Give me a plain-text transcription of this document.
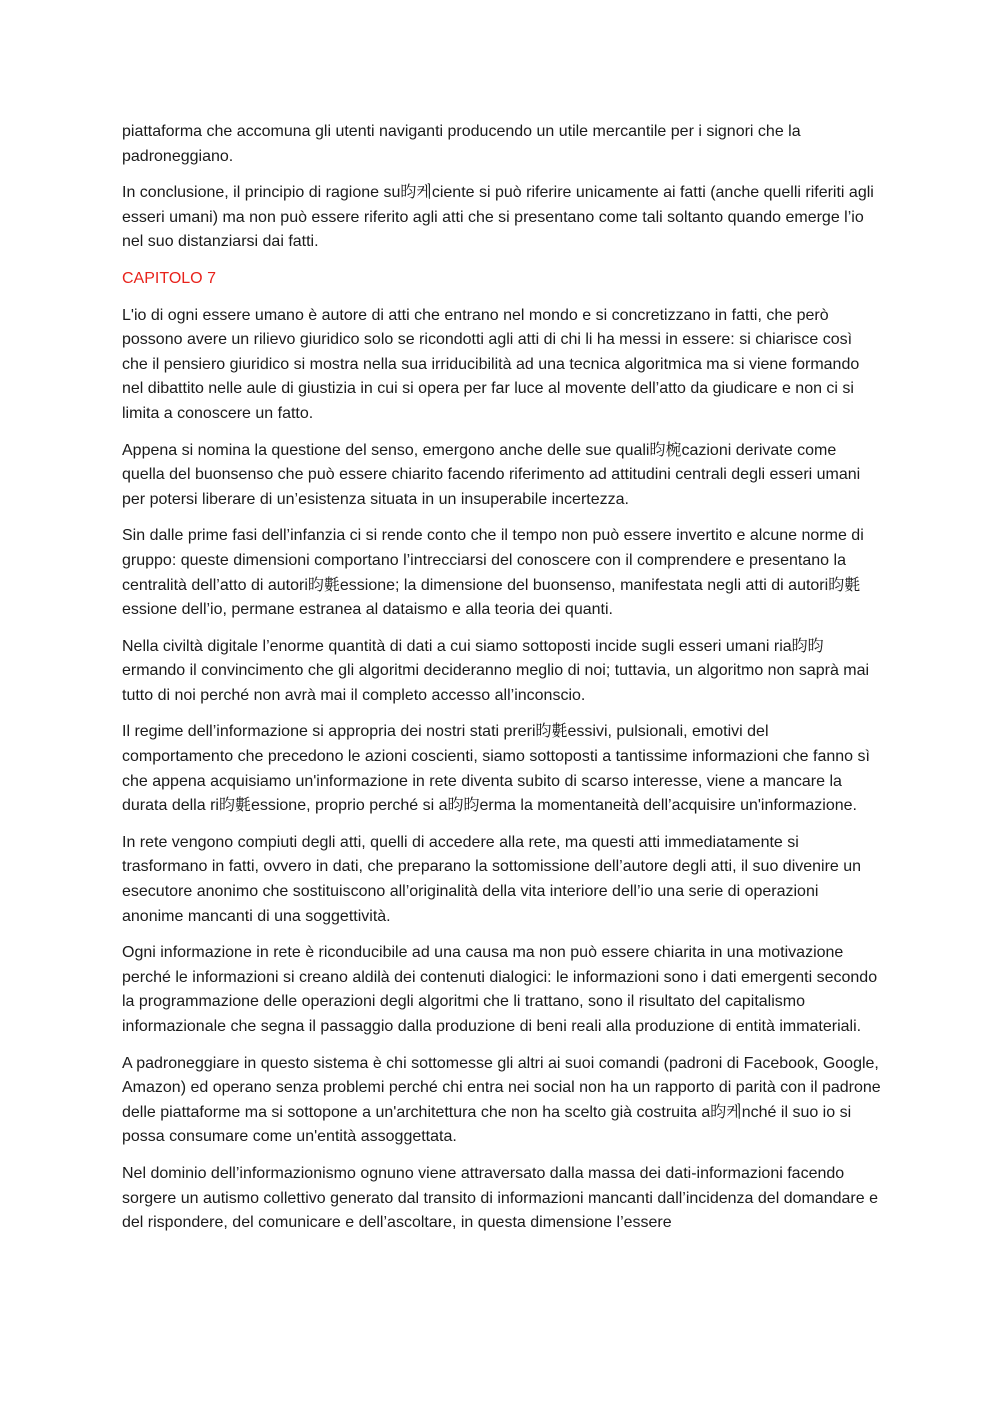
piattaforma che accomuna gli utenti naviganti producendo un utile mercantile per i signori che la padroneggiano.

In conclusione, il principio di ragione su昀케ciente si può riferire unicamente ai fatti (anche quelli riferiti agli esseri umani) ma non può essere riferito agli atti che si presentano come tali soltanto quando emerge l’io nel suo distanziarsi dai fatti.

CAPITOLO 7

L'io di ogni essere umano è autore di atti che entrano nel mondo e si concretizzano in fatti, che però possono avere un rilievo giuridico solo se ricondotti agli atti di chi li ha messi in essere: si chiarisce così che il pensiero giuridico si mostra nella sua irriducibilità ad una tecnica algoritmica ma si viene formando nel dibattito nelle aule di giustizia in cui si opera per far luce al movente dell’atto da giudicare e non ci si limita a conoscere un fatto.

Appena si nomina la questione del senso, emergono anche delle sue quali昀椀cazioni derivate come quella del buonsenso che può essere chiarito facendo riferimento ad attitudini centrali degli esseri umani per potersi liberare di un’esistenza situata in un insuperabile incertezza.

Sin dalle prime fasi dell’infanzia ci si rende conto che il tempo non può essere invertito e alcune norme di gruppo: queste dimensioni comportano l’intrecciarsi del conoscere con il comprendere e presentano la centralità dell’atto di autori昀氀essione; la dimensione del buonsenso, manifestata negli atti di autori昀氀essione dell’io, permane estranea al dataismo e alla teoria dei quanti.

Nella civiltà digitale l’enorme quantità di dati a cui siamo sottoposti incide sugli esseri umani ria昀昀ermando il convincimento che gli algoritmi decideranno meglio di noi; tuttavia, un algoritmo non saprà mai tutto di noi perché non avrà mai il completo accesso all’inconscio.

Il regime dell’informazione si appropria dei nostri stati preri昀氀essivi, pulsionali, emotivi del comportamento che precedono le azioni coscienti, siamo sottoposti a tantissime informazioni che fanno sì che appena acquisiamo un'informazione in rete diventa subito di scarso interesse, viene a mancare la durata della ri昀氀essione, proprio perché si a昀昀erma la momentaneità dell’acquisire un'informazione.

In rete vengono compiuti degli atti, quelli di accedere alla rete, ma questi atti immediatamente si trasformano in fatti, ovvero in dati, che preparano la sottomissione dell’autore degli atti, il suo divenire un esecutore anonimo che sostituiscono all’originalità della vita interiore dell’io una serie di operazioni anonime mancanti di una soggettività.

Ogni informazione in rete è riconducibile ad una causa ma non può essere chiarita in una motivazione perché le informazioni si creano aldilà dei contenuti dialogici: le informazioni sono i dati emergenti secondo la programmazione delle operazioni degli algoritmi che li trattano, sono il risultato del capitalismo informazionale che segna il passaggio dalla produzione di beni reali alla produzione di entità immateriali.

A padroneggiare in questo sistema è chi sottomesse gli altri ai suoi comandi (padroni di Facebook, Google, Amazon) ed operano senza problemi perché chi entra nei social non ha un rapporto di parità con il padrone delle piattaforme ma si sottopone a un'architettura che non ha scelto già costruita a昀케nché il suo io si possa consumare come un'entità assoggettata.

Nel dominio dell’informazionismo ognuno viene attraversato dalla massa dei dati-informazioni facendo sorgere un autismo collettivo generato dal transito di informazioni mancanti dall’incidenza del domandare e del rispondere, del comunicare e dell’ascoltare, in questa dimensione l’essere
